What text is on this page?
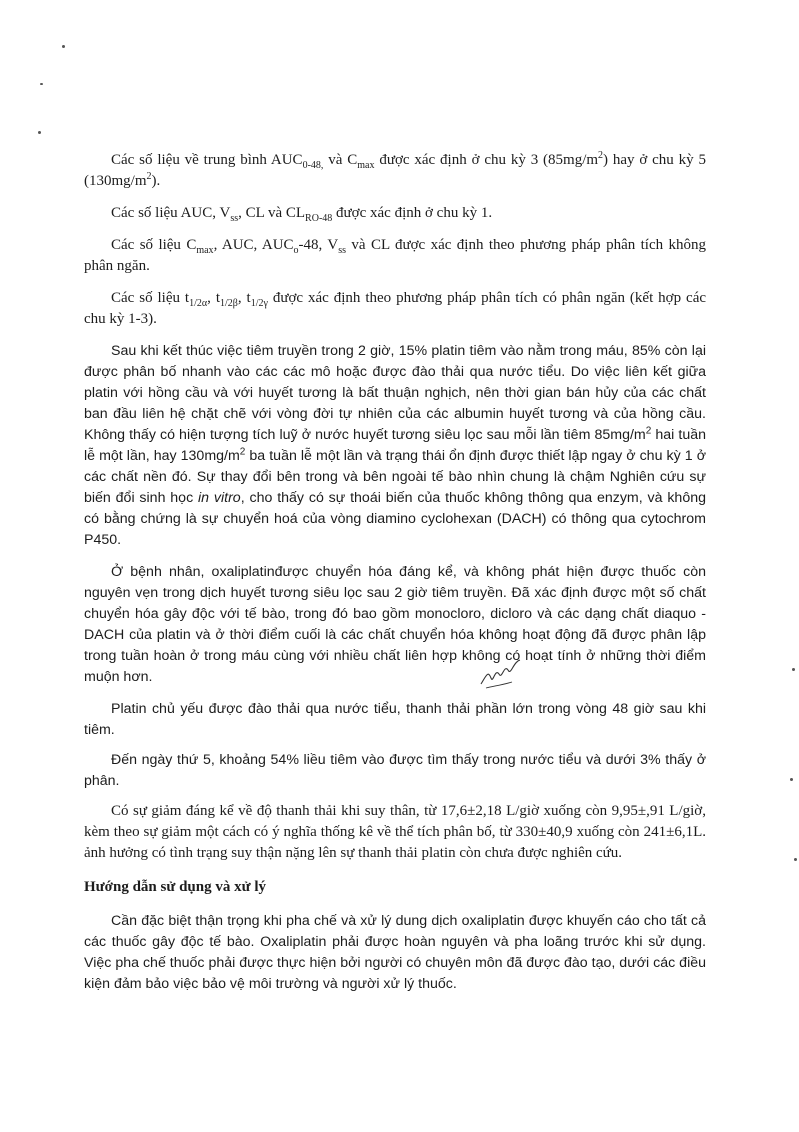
Các số liệu về trung bình $AUC_{0-48,}$ và $C_{max}$ được xác định ở chu kỳ 3 $(85mg/m^2)$ hay ở chu kỳ 5 $(130mg/m^2)$.

Các số liệu AUC, $V_{ss}$, CL và $CL_{RO-48}$ được xác định ở chu kỳ 1.

Các số liệu $C_{max}$, AUC, $AUC_o-48$, $V_{ss}$ và CL được xác định theo phương pháp phân tích không phân ngăn.

Các số liệu $t_{1/2\alpha}$, $t_{1/2\beta}$, $t_{1/2\gamma}$ được xác định theo phương pháp phân tích có phân ngăn (kết hợp các chu kỳ 1-3).

Sau khi kết thúc việc tiêm truyền trong 2 giờ, 15% platin tiêm vào nằm trong máu, 85% còn lại được phân bố nhanh vào các các mô hoặc được đào thải qua nước tiểu. Do việc liên kết giữa platin với hồng cầu và với huyết tương là bất thuận nghịch, nên thời gian bán hủy của các chất ban đầu liên hệ chặt chẽ với vòng đời tự nhiên của các albumin huyết tương và của hồng cầu. Không thấy có hiện tượng tích luỹ ở nước huyết tương siêu lọc sau mỗi lần tiêm $85mg/m^2$ hai tuần lễ một lần, hay $130mg/m^2$ ba tuần lễ một lần và trạng thái ổn định được thiết lập ngay ở chu kỳ 1 ở các chất nền đó. Sự thay đổi bên trong và bên ngoài tế bào nhìn chung là chậm Nghiên cứu sự biến đổi sinh học in vitro, cho thấy có sự thoái biến của thuốc không thông qua enzym, và không có bằng chứng là sự chuyển hoá của vòng diamino cyclohexan (DACH) có thông qua cytochrom P450.

Ở bệnh nhân, oxaliplatinđược chuyển hóa đáng kể, và không phát hiện được thuốc còn nguyên vẹn trong dịch huyết tương siêu lọc sau 2 giờ tiêm truyền. Đã xác định được một số chất chuyển hóa gây độc với tế bào, trong đó bao gồm monocloro, dicloro và các dạng chất diaquo - DACH của platin và ở thời điểm cuối là các chất chuyển hóa không hoạt động đã được phân lập trong tuần hoàn ở trong máu cùng với nhiều chất liên hợp không có hoạt tính ở những thời điểm muộn hơn.

Platin chủ yếu được đào thải qua nước tiểu, thanh thải phần lớn trong vòng 48 giờ sau khi tiêm.

Đến ngày thứ 5, khoảng 54% liều tiêm vào được tìm thấy trong nước tiểu và dưới 3% thấy ở phân.

Có sự giảm đáng kể về độ thanh thải khi suy thân, từ 17,6±2,18 L/giờ xuống còn 9,95±,91 L/giờ, kèm theo sự giảm một cách có ý nghĩa thống kê về thể tích phân bố, từ 330±40,9 xuống còn 241±6,1L. ảnh hưởng có tình trạng suy thận nặng lên sự thanh thải platin còn chưa được nghiên cứu.

Hướng dẫn sử dụng và xử lý

Cần đặc biệt thận trọng khi pha chế và xử lý dung dịch oxaliplatin được khuyến cáo cho tất cả các thuốc gây độc tế bào. Oxaliplatin phải được hoàn nguyên và pha loãng trước khi sử dụng. Việc pha chế thuốc phải được thực hiện bởi người có chuyên môn đã được đào tạo, dưới các điều kiện đảm bảo việc bảo vệ môi trường và người xử lý thuốc.
